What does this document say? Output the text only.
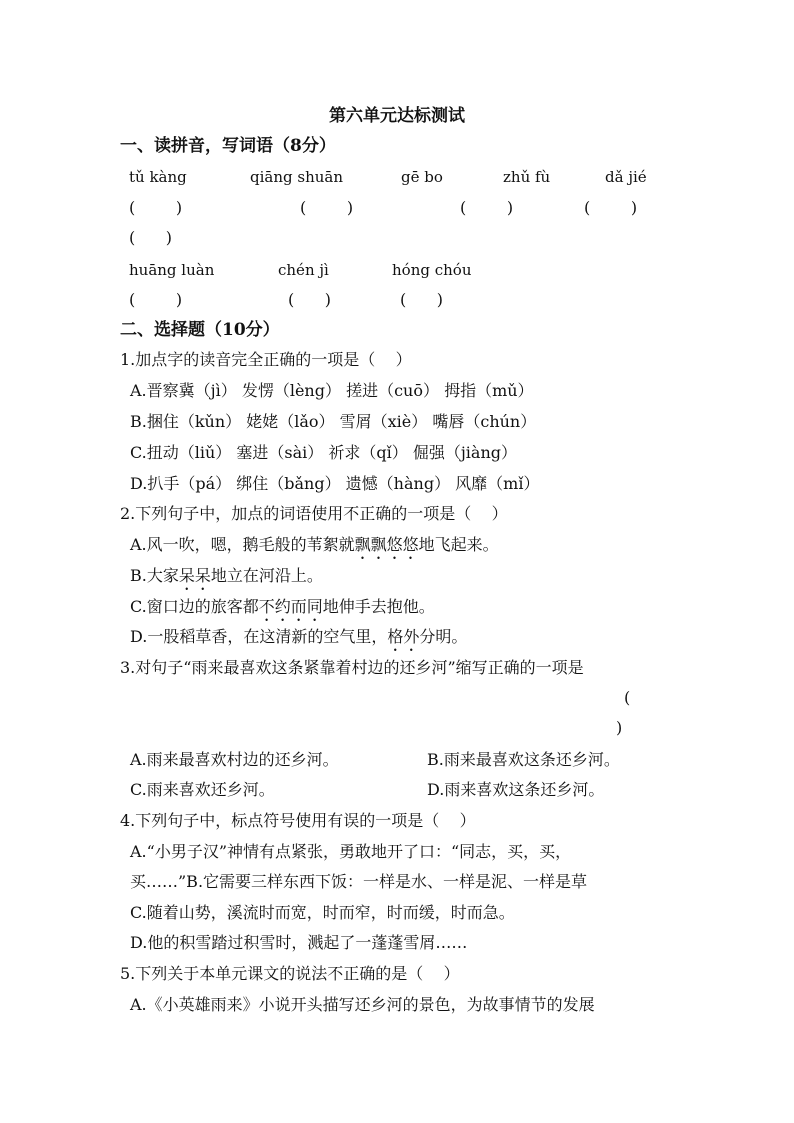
第六单元达标测试
一、读拼音，写词语（8分）
tǔ kàng	qiāng shuān	gē bo	zhǔ fù	dǎ jié
(        )	(        )	(        )	(        )
(      )
huāng luàn	chén jì	hóng chóu
(        )	(      )	(      )
二、选择题（10分）
1.加点字的读音完全正确的一项是（    ）
A.晋察冀（jì） 发愣（lèng） 搓进（cuō） 拇指（mǔ）
B.捆住（kǔn） 姥姥（lǎo） 雪屑（xiè） 嘴唇（chún）
C.扭动（liǔ） 塞进（sài） 祈求（qǐ） 倔强（jiàng）
D.扒手（pá） 绑住（bǎng） 遗憾（hàng） 风靡（mǐ）
2.下列句子中，加点的词语使用不正确的一项是（    ）
A.风一吹，嗯，鹅毛般的苇絮就飘飘悠悠地飞起来。
B.大家呆呆地立在河沿上。
C.窗口边的旅客都不约而同地伸手去抱他。
D.一股稻草香，在这清新的空气里，格外分明。
3.对句子“雨来最喜欢这条紧靠着村边的还乡河”缩写正确的一项是
(
)
A.雨来最喜欢村边的还乡河。	B.雨来最喜欢这条还乡河。
C.雨来喜欢还乡河。	D.雨来喜欢这条还乡河。
4.下列句子中，标点符号使用有误的一项是（    ）
A.“小男子汉”神情有点紧张，勇敢地开了口：“同志，买，买，
买……”B.它需要三样东西下饭：一样是水、一样是泥、一样是草
C.随着山势，溪流时而宽，时而窄，时而缓，时而急。
D.他的积雪踏过积雪时，溅起了一蓬蓬雪屑……
5.下列关于本单元课文的说法不正确的是（    ）
A.《小英雄雨来》小说开头描写还乡河的景色，为故事情节的发展
